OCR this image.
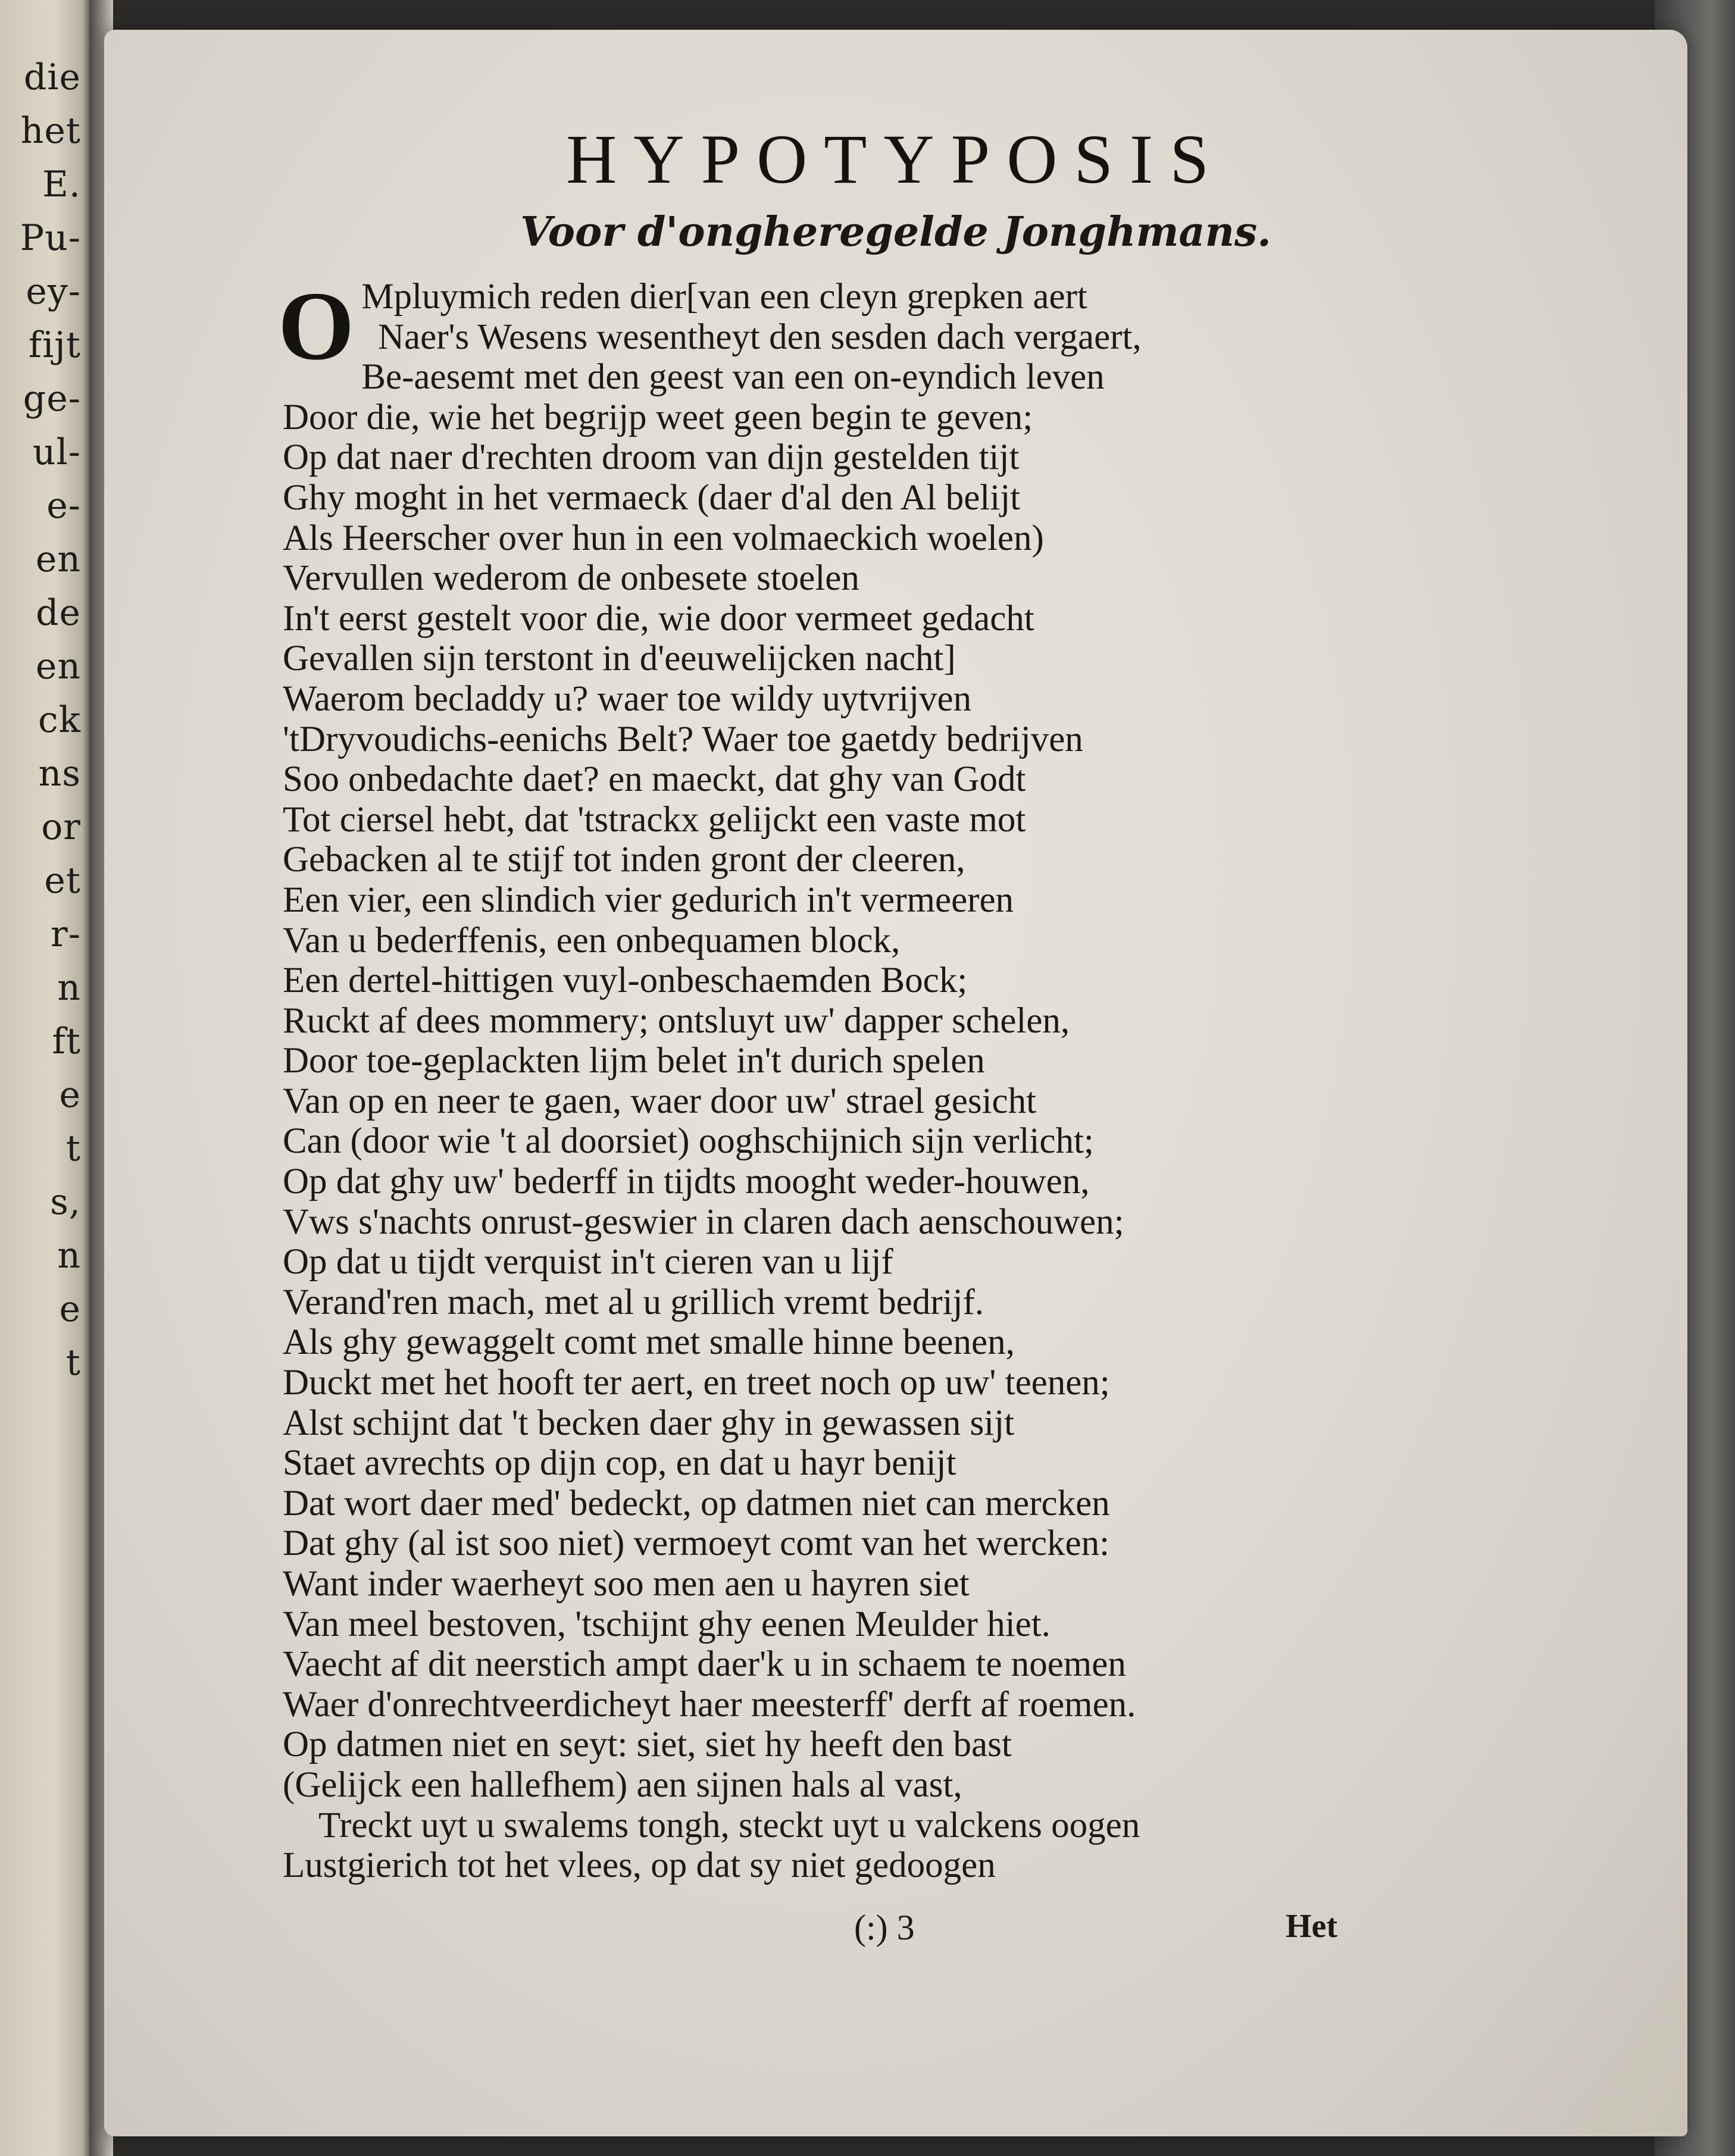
die
het
E.
Pu-
ey-
fijt
ge-
ul-
e-
en
de
en
ck
ns
or
et
r-
n
ft
e
t
s,
n
e
t
HYPOTYPOSIS
Voor d'ongheregelde Jonghmans.
O Mpluymich reden dier[van een cleyn grepken aert
Naer's Wesens wesentheyt den sesden dach vergaert,
Be-aesemt met den geest van een on-eyndich leven
Door die, wie het begrijp weet geen begin te geven;
Op dat naer d'rechten droom van dijn gestelden tijt
Ghy moght in het vermaeck (daer d'al den Al belijt
Als Heerscher over hun in een volmaeckich woelen)
Vervullen wederom de onbesete stoelen
In't eerst gestelt voor die, wie door vermeet gedacht
Gevallen sijn terstont in d'eeuwelijcken nacht]
Waerom becladdy u? waer toe wildy uytvrijven
'tDryvoudichs-eenichs Belt? Waer toe gaetdy bedrijven
Soo onbedachte daet? en maeckt, dat ghy van Godt
Tot ciersel hebt, dat 'tstrackx gelijckt een vaste mot
Gebacken al te stijf tot inden gront der cleeren,
Een vier, een slindich vier gedurich in't vermeeren
Van u bederffenis, een onbequamen block,
Een dertel-hittigen vuyl-onbeschaemden Bock;
Ruckt af dees mommery; ontsluyt uw' dapper schelen,
Door toe-geplackten lijm belet in't durich spelen
Van op en neer te gaen, waer door uw' strael gesicht
Can (door wie 't al doorsiet) ooghschijnich sijn verlicht;
Op dat ghy uw' bederff in tijdts mooght weder-houwen,
Vws s'nachts onrust-geswier in claren dach aenschouwen;
Op dat u tijdt verquist in't cieren van u lijf
Verand'ren mach, met al u grillich vremt bedrijf.
Als ghy gewaggelt comt met smalle hinne beenen,
Duckt met het hooft ter aert, en treet noch op uw' teenen;
Alst schijnt dat 't becken daer ghy in gewassen sijt
Staet avrechts op dijn cop, en dat u hayr benijt
Dat wort daer med' bedeckt, op datmen niet can mercken
Dat ghy (al ist soo niet) vermoeyt comt van het wercken:
Want inder waerheyt soo men aen u hayren siet
Van meel bestoven, 'tschijnt ghy eenen Meulder hiet.
Vaecht af dit neerstich ampt daer'k u in schaem te noemen
Waer d'onrechtveerdicheyt haer meesterff' derft af roemen.
Op datmen niet en seyt: siet, siet hy heeft den bast
(Gelijck een hallefhem) aen sijnen hals al vast,
Treckt uyt u swalems tongh, steckt uyt u valckens oogen
Lustgierich tot het vlees, op dat sy niet gedoogen
(:) 3	Het
